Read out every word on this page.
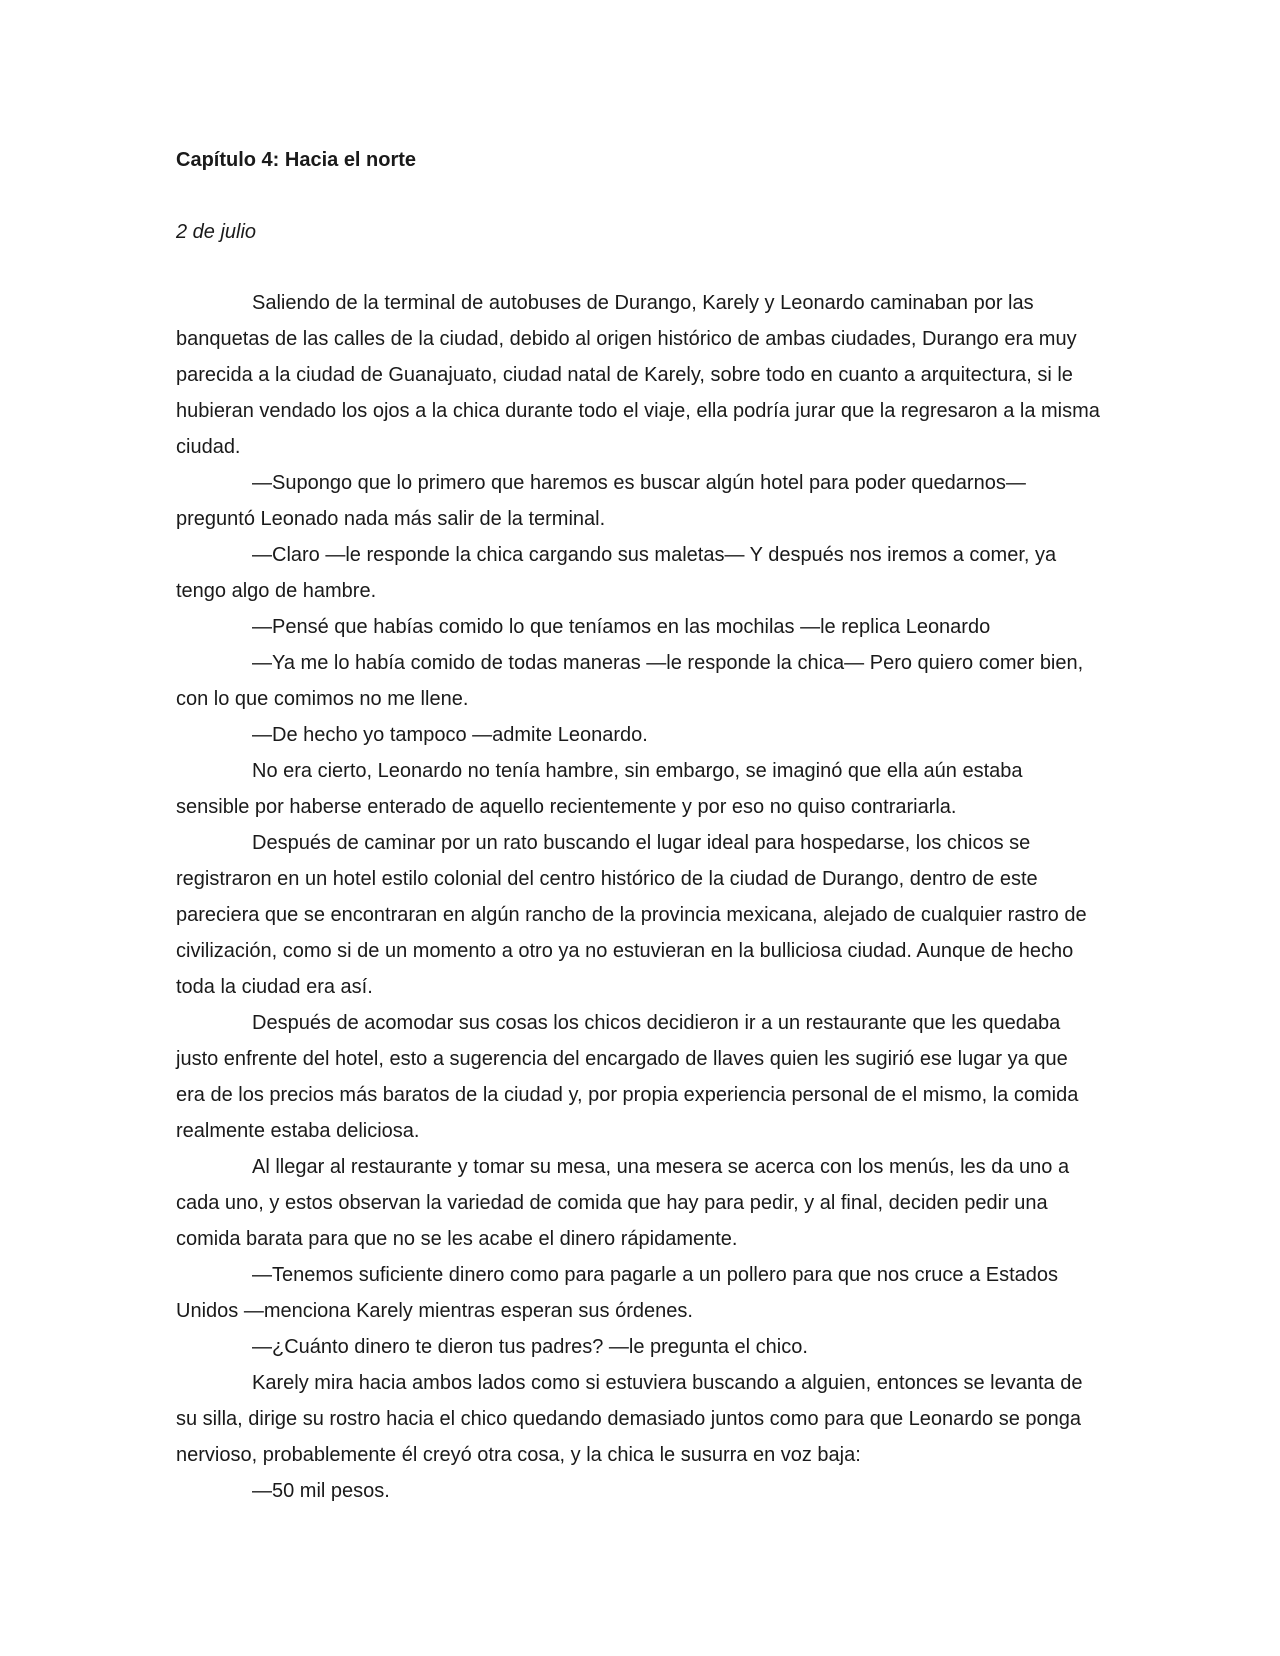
Capítulo 4: Hacia el norte

2 de julio

Saliendo de la terminal de autobuses de Durango, Karely y Leonardo caminaban por las banquetas de las calles de la ciudad, debido al origen histórico de ambas ciudades, Durango era muy parecida a la ciudad de Guanajuato, ciudad natal de Karely, sobre todo en cuanto a arquitectura, si le hubieran vendado los ojos a la chica durante todo el viaje, ella podría jurar que la regresaron a la misma ciudad.

—Supongo que lo primero que haremos es buscar algún hotel para poder quedarnos— preguntó Leonado nada más salir de la terminal.

—Claro —le responde la chica cargando sus maletas— Y después nos iremos a comer, ya tengo algo de hambre.

—Pensé que habías comido lo que teníamos en las mochilas —le replica Leonardo

—Ya me lo había comido de todas maneras —le responde la chica— Pero quiero comer bien, con lo que comimos no me llene.

—De hecho yo tampoco —admite Leonardo.

No era cierto, Leonardo no tenía hambre, sin embargo, se imaginó que ella aún estaba sensible por haberse enterado de aquello recientemente y por eso no quiso contrariarla.

Después de caminar por un rato buscando el lugar ideal para hospedarse, los chicos se registraron en un hotel estilo colonial del centro histórico de la ciudad de Durango, dentro de este pareciera que se encontraran en algún rancho de la provincia mexicana, alejado de cualquier rastro de civilización, como si de un momento a otro ya no estuvieran en la bulliciosa ciudad. Aunque de hecho toda la ciudad era así.

Después de acomodar sus cosas los chicos decidieron ir a un restaurante que les quedaba justo enfrente del hotel, esto a sugerencia del encargado de llaves quien les sugirió ese lugar ya que era de los precios más baratos de la ciudad y, por propia experiencia personal de el mismo, la comida realmente estaba deliciosa.

Al llegar al restaurante y tomar su mesa, una mesera se acerca con los menús, les da uno a cada uno, y estos observan la variedad de comida que hay para pedir, y al final, deciden pedir una comida barata para que no se les acabe el dinero rápidamente.

—Tenemos suficiente dinero como para pagarle a un pollero para que nos cruce a Estados Unidos —menciona Karely mientras esperan sus órdenes.

—¿Cuánto dinero te dieron tus padres? —le pregunta el chico.

Karely mira hacia ambos lados como si estuviera buscando a alguien, entonces se levanta de su silla, dirige su rostro hacia el chico quedando demasiado juntos como para que Leonardo se ponga nervioso, probablemente él creyó otra cosa, y la chica le susurra en voz baja:

—50 mil pesos.
